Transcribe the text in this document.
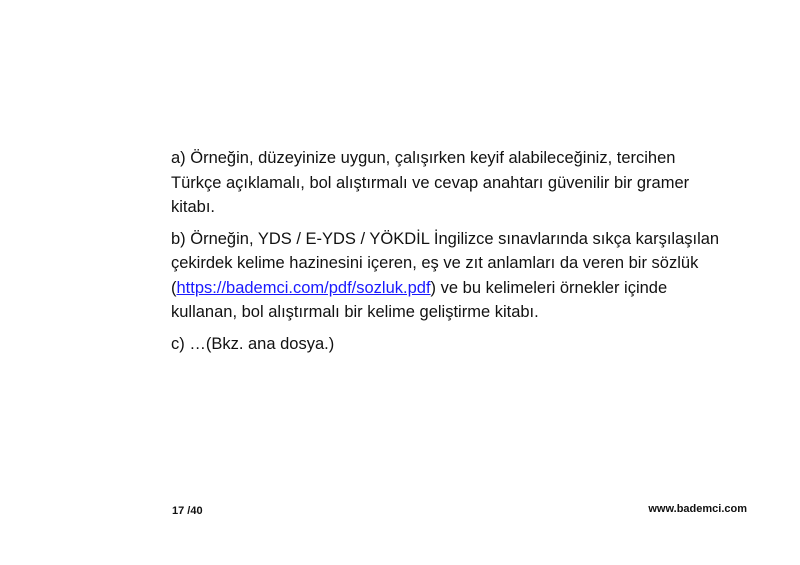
a) Örneğin, düzeyinize uygun, çalışırken keyif alabileceğiniz, tercihen
Türkçe açıklamalı, bol alıştırmalı ve cevap anahtarı güvenilir bir gramer
kitabı.

b) Örneğin, YDS / E-YDS / YÖKDİL İngilizce sınavlarında sıkça karşılaşılan
çekirdek kelime hazinesini içeren, eş ve zıt anlamları da veren bir sözlük
(https://bademci.com/pdf/sozluk.pdf) ve bu kelimeleri örnekler içinde
kullanan, bol alıştırmalı bir kelime geliştirme kitabı.

c) …(Bkz. ana dosya.)

17 /40	www.bademci.com
